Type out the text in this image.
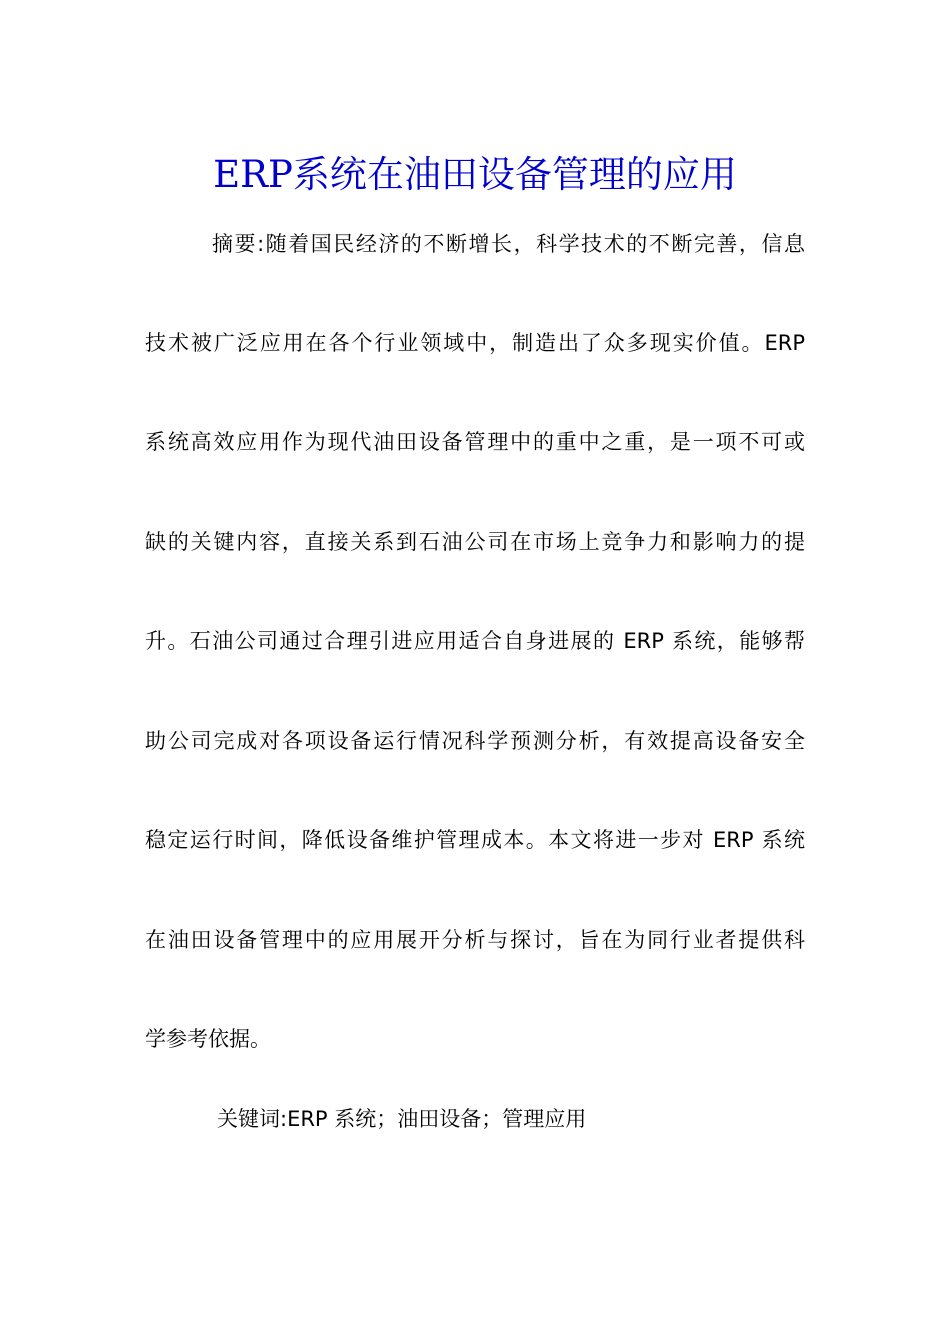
ERP系统在油田设备管理的应用
摘要:随着国民经济的不断增长，科学技术的不断完善，信息
技术被广泛应用在各个行业领域中，制造出了众多现实价值。ERP
系统高效应用作为现代油田设备管理中的重中之重，是一项不可或
缺的关键内容，直接关系到石油公司在市场上竞争力和影响力的提
升。石油公司通过合理引进应用适合自身进展的 ERP 系统，能够帮
助公司完成对各项设备运行情况科学预测分析，有效提高设备安全
稳定运行时间，降低设备维护管理成本。本文将进一步对 ERP 系统
在油田设备管理中的应用展开分析与探讨，旨在为同行业者提供科
学参考依据。
关键词:ERP 系统；油田设备；管理应用
